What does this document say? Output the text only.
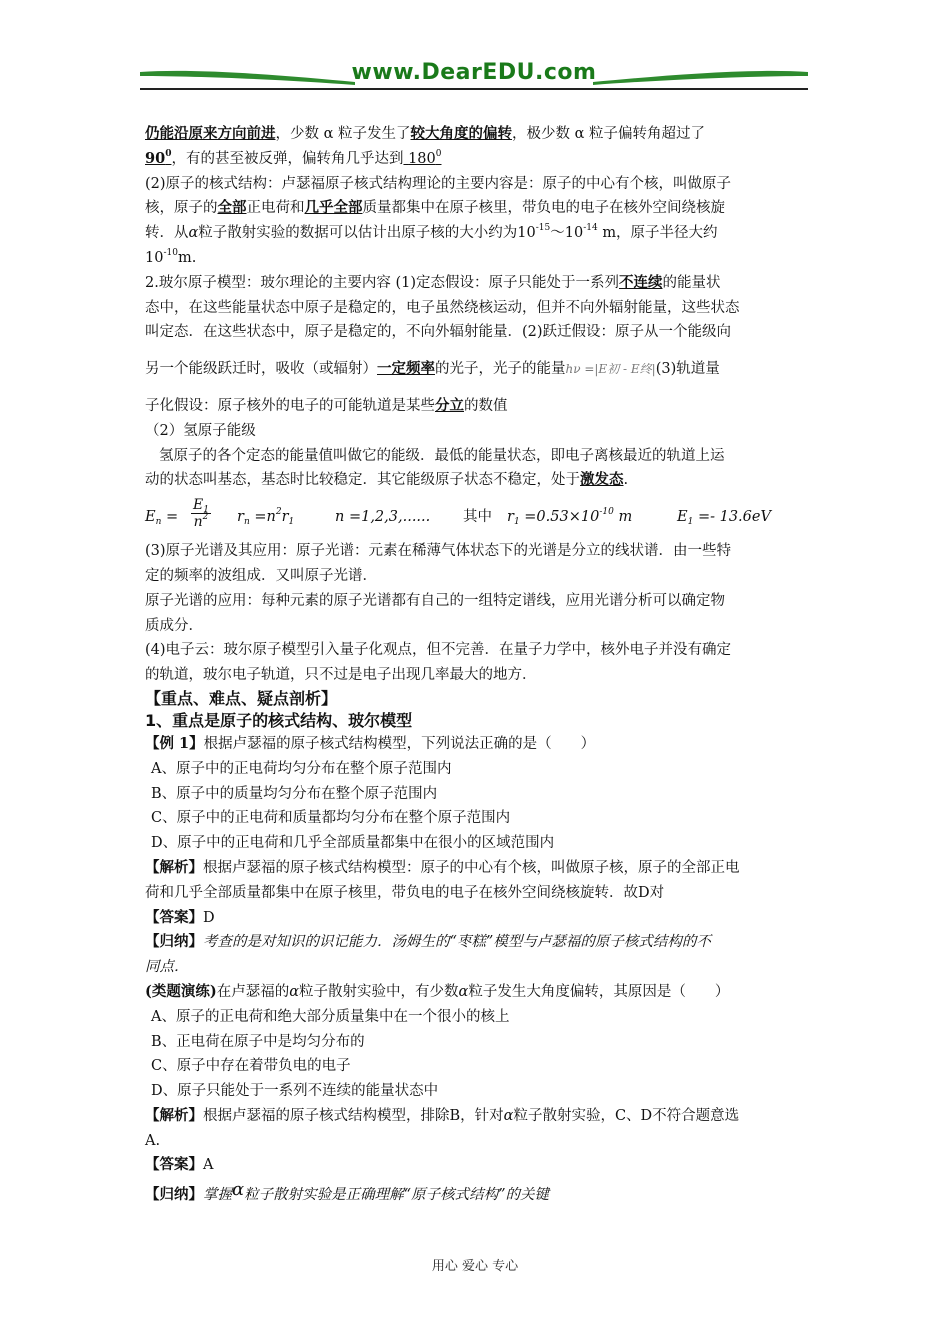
www.DearEDU.com

仍能沿原来方向前进，少数 α 粒子发生了较大角度的偏转，极少数 α 粒子偏转角超过了

$90^0$，有的甚至被反弹，偏转角几乎达到 $180^0$

(2)原子的核式结构：卢瑟福原子核式结构理论的主要内容是：原子的中心有个核，叫做原子

核，原子的全部正电荷和几乎全部质量都集中在原子核里，带负电的电子在核外空间绕核旋

转．从α粒子散射实验的数据可以估计出原子核的大小约为$10^{-15}\sim 10^{-14}$ m，原子半径大约

$10^{-10}m$.

2.玻尔原子模型：玻尔理论的主要内容 (1)定态假设：原子只能处于一系列不连续的能量状

态中，在这些能量状态中原子是稳定的，电子虽然绕核运动，但并不向外辐射能量，这些状态

叫定态．在这些状态中，原子是稳定的，不向外辐射能量．(2)跃迁假设：原子从一个能级向

另一个能级跃迁时，吸收（或辐射）一定频率的光子，光子的能量hν =|E初 - E终|(3)轨道量

子化假设：原子核外的电子的可能轨道是某些分立的数值

（2）氢原子能级

氢原子的各个定态的能量值叫做它的能级．最低的能量状态，即电子离核最近的轨道上运

动的状态叫基态，基态时比较稳定．其它能级原子状态不稳定，处于激发态.

$E_n = \frac{E_1}{n^2} r_n =n^2r_1$	n =1,2,3,...... 其中 $r_1 =0.53\times 10^{-10}$ m	$E_1 =- 13.6eV$

(3)原子光谱及其应用：原子光谱：元素在稀薄气体状态下的光谱是分立的线状谱．由一些特

定的频率的波组成．又叫原子光谱．

原子光谱的应用：每种元素的原子光谱都有自己的一组特定谱线，应用光谱分析可以确定物

质成分．

(4)电子云：玻尔原子模型引入量子化观点，但不完善．在量子力学中，核外电子并没有确定

的轨道，玻尔电子轨道，只不过是电子出现几率最大的地方．

【重点、难点、疑点剖析】

1、重点是原子的核式结构、玻尔模型

【例 1】根据卢瑟福的原子核式结构模型，下列说法正确的是（　　）

A、原子中的正电荷均匀分布在整个原子范围内

B、原子中的质量均匀分布在整个原子范围内

C、原子中的正电荷和质量都均匀分布在整个原子范围内

D、原子中的正电荷和几乎全部质量都集中在很小的区域范围内

【解析】根据卢瑟福的原子核式结构模型：原子的中心有个核，叫做原子核，原子的全部正电

荷和几乎全部质量都集中在原子核里，带负电的电子在核外空间绕核旋转．故D对

【答案】D

【归纳】考查的是对知识的识记能力．汤姆生的“枣糕”模型与卢瑟福的原子核式结构的不

同点．

(类题演练)在卢瑟福的α粒子散射实验中，有少数α粒子发生大角度偏转，其原因是（　　）

A、原子的正电荷和绝大部分质量集中在一个很小的核上

B、正电荷在原子中是均匀分布的

C、原子中存在着带负电的电子

D、原子只能处于一系列不连续的能量状态中

【解析】根据卢瑟福的原子核式结构模型，排除B，针对α粒子散射实验，C、D不符合题意选

A.

【答案】A

【归纳】掌握α粒子散射实验是正确理解“原子核式结构”的关键

用心 爱心 专心
